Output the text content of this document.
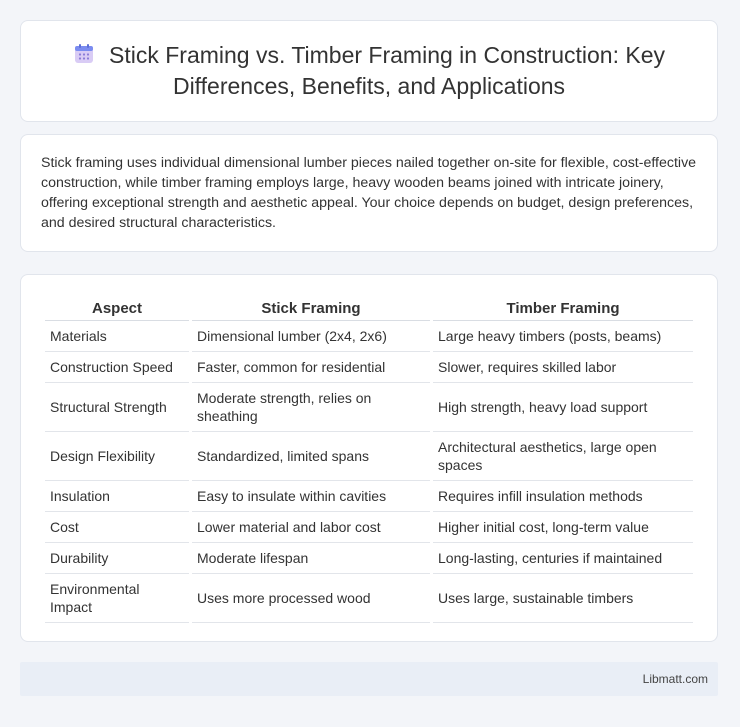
Stick Framing vs. Timber Framing in Construction: Key Differences, Benefits, and Applications
Stick framing uses individual dimensional lumber pieces nailed together on-site for flexible, cost-effective construction, while timber framing employs large, heavy wooden beams joined with intricate joinery, offering exceptional strength and aesthetic appeal. Your choice depends on budget, design preferences, and desired structural characteristics.
Aspect	Stick Framing	Timber Framing
Materials	Dimensional lumber (2x4, 2x6)	Large heavy timbers (posts, beams)
Construction Speed	Faster, common for residential	Slower, requires skilled labor
Structural Strength	Moderate strength, relies on sheathing	High strength, heavy load support
Design Flexibility	Standardized, limited spans	Architectural aesthetics, large open spaces
Insulation	Easy to insulate within cavities	Requires infill insulation methods
Cost	Lower material and labor cost	Higher initial cost, long-term value
Durability	Moderate lifespan	Long-lasting, centuries if maintained
Environmental Impact	Uses more processed wood	Uses large, sustainable timbers
Libmatt.com
